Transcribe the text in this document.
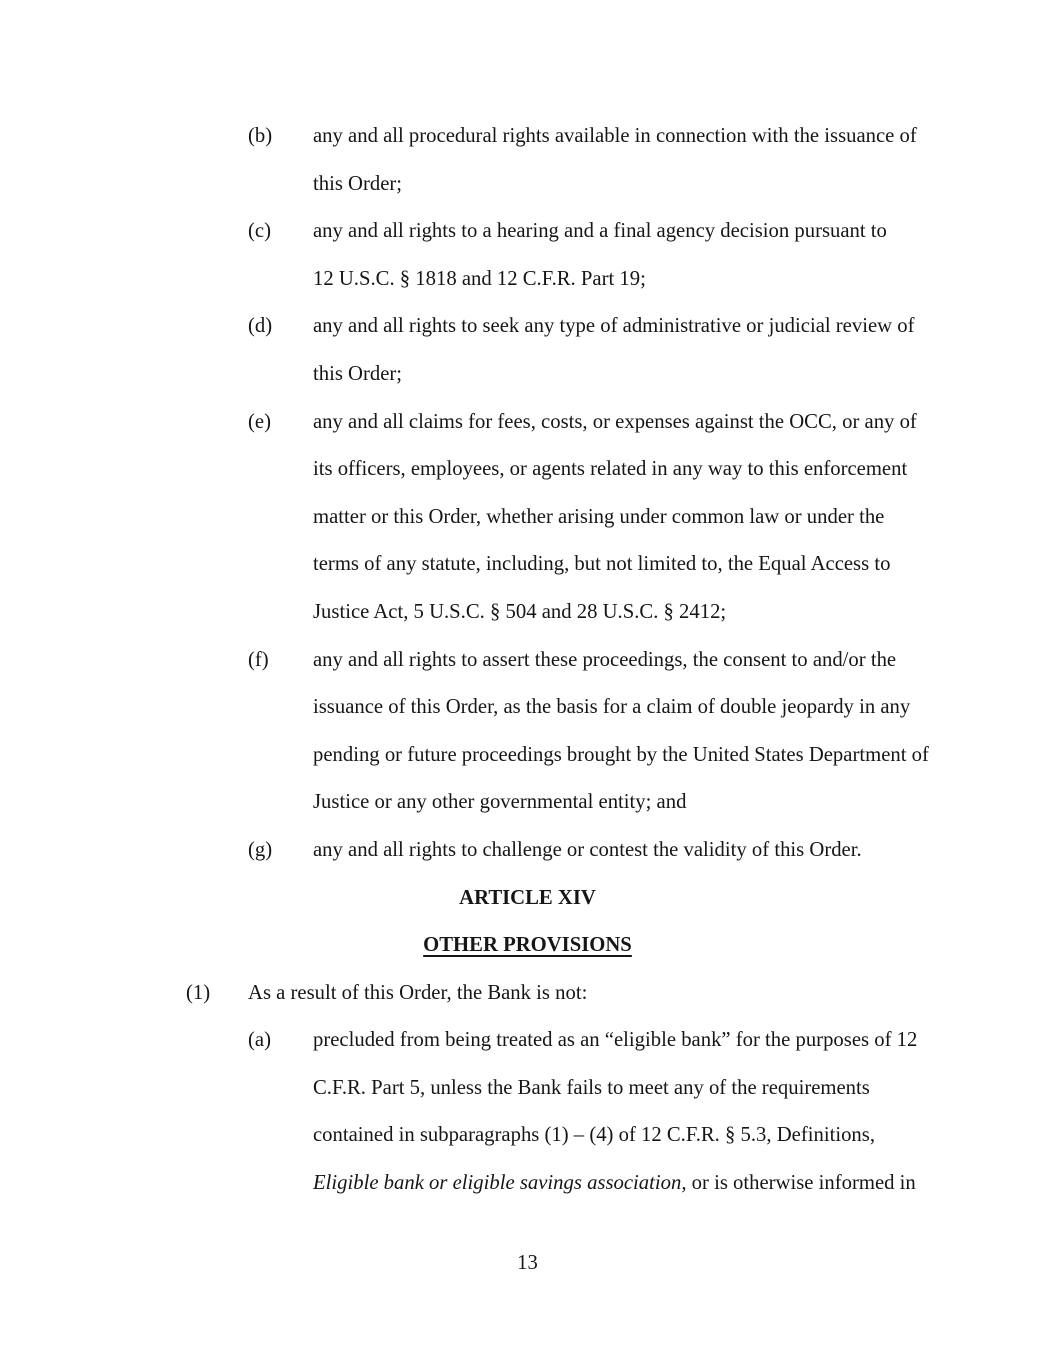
(b) any and all procedural rights available in connection with the issuance of
this Order;
(c) any and all rights to a hearing and a final agency decision pursuant to
12 U.S.C. § 1818 and 12 C.F.R. Part 19;
(d) any and all rights to seek any type of administrative or judicial review of
this Order;
(e) any and all claims for fees, costs, or expenses against the OCC, or any of
its officers, employees, or agents related in any way to this enforcement
matter or this Order, whether arising under common law or under the
terms of any statute, including, but not limited to, the Equal Access to
Justice Act, 5 U.S.C. § 504 and 28 U.S.C. § 2412;
(f) any and all rights to assert these proceedings, the consent to and/or the
issuance of this Order, as the basis for a claim of double jeopardy in any
pending or future proceedings brought by the United States Department of
Justice or any other governmental entity; and
(g) any and all rights to challenge or contest the validity of this Order.
ARTICLE XIV
OTHER PROVISIONS
(1) As a result of this Order, the Bank is not:
(a) precluded from being treated as an “eligible bank” for the purposes of 12
C.F.R. Part 5, unless the Bank fails to meet any of the requirements
contained in subparagraphs (1) – (4) of 12 C.F.R. § 5.3, Definitions,
Eligible bank or eligible savings association, or is otherwise informed in
13
